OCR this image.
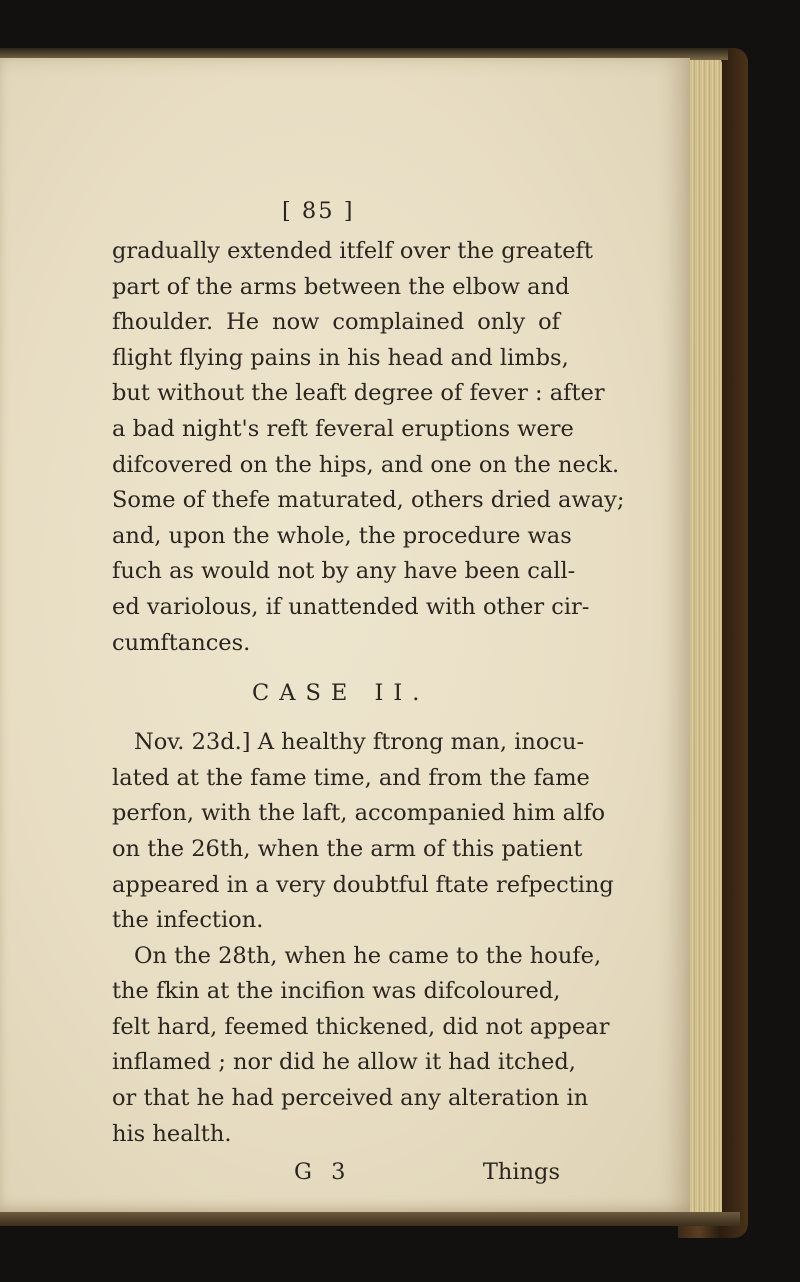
[ 85 ]
gradually extended itfelf over the greateft
part of the arms between the elbow and
fhoulder. He now complained only of
flight flying pains in his head and limbs,
but without the leaft degree of fever : after
a bad night's reft feveral eruptions were
difcovered on the hips, and one on the neck.
Some of thefe maturated, others dried away;
and, upon the whole, the procedure was
fuch as would not by any have been call-
ed variolous, if unattended with other cir-
cumftances.
CASE II.
Nov. 23d.] A healthy ftrong man, inocu-
lated at the fame time, and from the fame
perfon, with the laft, accompanied him alfo
on the 26th, when the arm of this patient
appeared in a very doubtful ftate refpecting
the infection.
On the 28th, when he came to the houfe,
the fkin at the incifion was difcoloured,
felt hard, feemed thickened, did not appear
inflamed ; nor did he allow it had itched,
or that he had perceived any alteration in
his health.
G 3	Things
